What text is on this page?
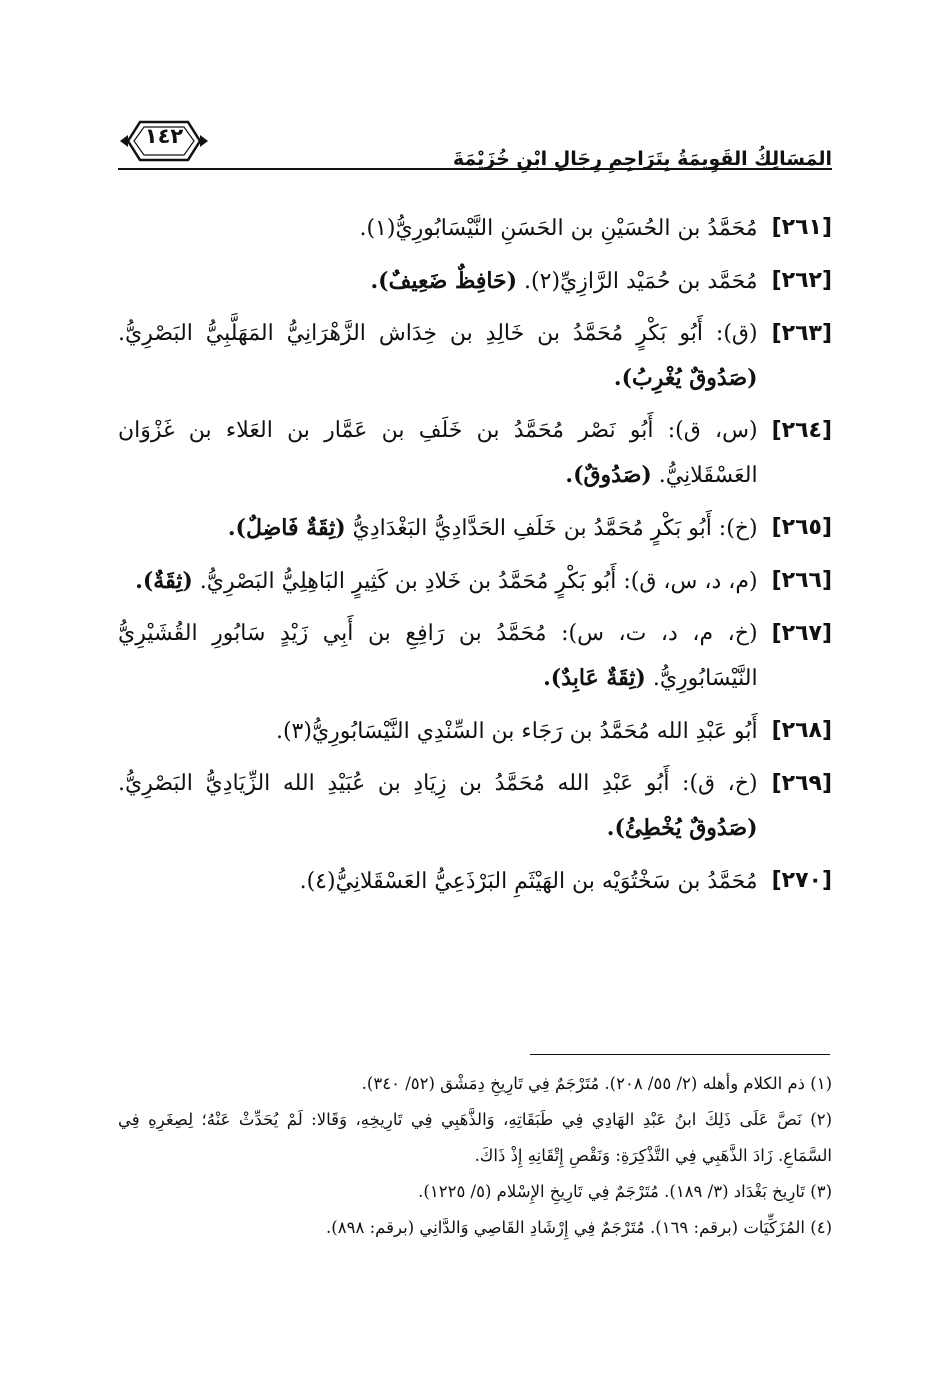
المَسَالِكُ القَوِيمَةُ بِتَرَاجِمِ رِجَالِ ابْنِ خُزَيْمَةَ
١٤٢
[٢٦١]
مُحَمَّدُ بن الحُسَيْنِ بن الحَسَنِ النَّيْسَابُورِيُّ(١).
[٢٦٢]
مُحَمَّد بن حُمَيْد الرَّازِيِّ(٢). (حَافِظٌ ضَعِيفٌ).
[٢٦٣]
(ق): أَبُو بَكْرٍ مُحَمَّدُ بن خَالِدِ بن خِدَاش الزَّهْرَانِيُّ المَهَلَّبِيُّ البَصْرِيُّ. (صَدُوقٌ يُغْرِبُ).
[٢٦٤]
(س، ق): أَبُو نَصْر مُحَمَّدُ بن خَلَفِ بن عَمَّار بن العَلاء بن غَزْوَان العَسْقَلانِيُّ. (صَدُوقٌ).
[٢٦٥]
(خ): أَبُو بَكْرٍ مُحَمَّدُ بن خَلَفِ الحَدَّادِيُّ البَغْدَادِيُّ (ثِقَةٌ فَاضِلٌ).
[٢٦٦]
(م، د، س، ق): أَبُو بَكْرٍ مُحَمَّدُ بن خَلادِ بن كَثِيرٍ البَاهِلِيُّ البَصْرِيُّ. (ثِقَةٌ).
[٢٦٧]
(خ، م، د، ت، س): مُحَمَّدُ بن رَافِعِ بن أَبِي زَيْدٍ سَابُورِ القُشَيْرِيُّ النَّيْسَابُورِيُّ. (ثِقَةٌ عَابِدٌ).
[٢٦٨]
أَبُو عَبْدِ الله مُحَمَّدُ بن رَجَاء بن السِّنْدِي النَّيْسَابُورِيُّ(٣).
[٢٦٩]
(خ، ق): أَبُو عَبْدِ الله مُحَمَّدُ بن زِيَادِ بن عُبَيْدِ الله الزِّيَادِيُّ البَصْرِيُّ. (صَدُوقٌ يُخْطِئُ).
[٢٧٠]
مُحَمَّدُ بن سَخْتُوَيْه بن الهَيْثَمِ البَرْذَعِيُّ العَسْقَلانِيُّ(٤).
(١) ذم الكلام وأهله (٢/ ٥٥/ ٢٠٨). مُتَرْجَمٌ فِي تَارِيخِ دِمَشْق (٥٢/ ٣٤٠).
(٢) نَصَّ عَلَى ذَلِكَ ابنُ عَبْدِ الهَادِي فِي طَبَقَاتِهِ، وَالذَّهَبِي فِي تَارِيخِهِ، وَقَالا: لَمْ يُحَدِّثْ عَنْهُ؛ لِصِغَرِهِ فِي السَّمَاعِ. زَادَ الذَّهَبِي فِي التَّذْكِرَةِ: وَنَقْصِ إِتْقَانِهِ إِذْ ذَاكَ.
(٣) تَارِيخ بَغْدَاد (٣/ ١٨٩). مُتَرْجَمٌ فِي تَارِيخِ الإِسْلام (٥/ ١٢٢٥).
(٤) المُزَكِّيَات (برقم: ١٦٩). مُتَرْجَمٌ فِي إِرْشَادِ القَاصِي وَالدَّانِي (برقم: ٨٩٨).
